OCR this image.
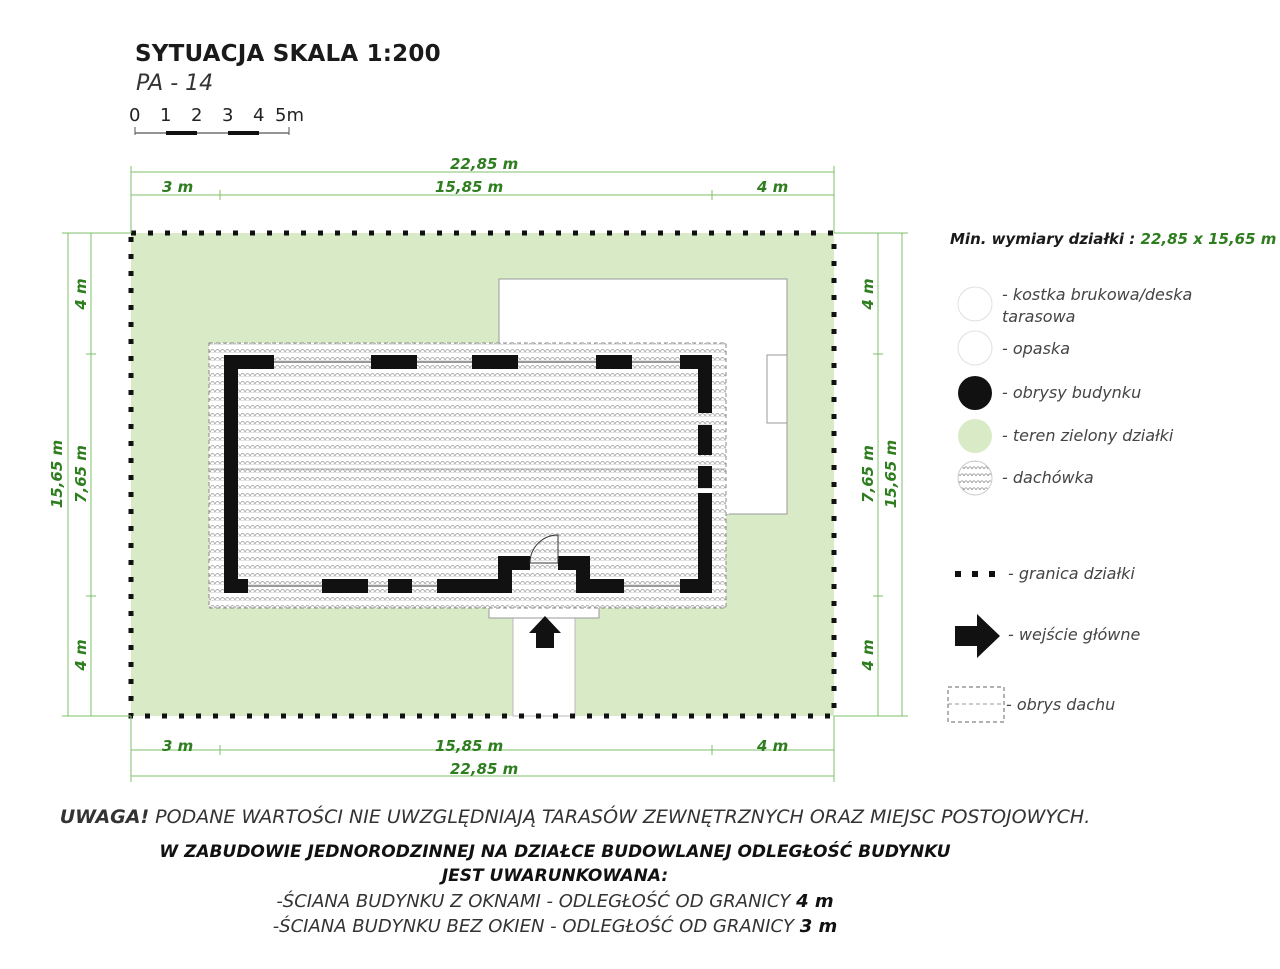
SYTUACJA SKALA 1:200
PA - 14
0 1 2 3 4 5m
22,85 m
3 m	15,85 m	4 m
3 m	15,85 m	4 m
22,85 m
15,65 m
4 m
7,65 m
4 m
4 m
7,65 m
4 m
15,65 m
Min. wymiary działki : 22,85 x 15,65 m
- kostka brukowa/deska
tarasowa
- opaska
- obrysy budynku
- teren zielony działki
- dachówka
- granica działki
- wejście główne
- obrys dachu
UWAGA! PODANE WARTOŚCI NIE UWZGLĘDNIAJĄ TARASÓW ZEWNĘTRZNYCH ORAZ MIEJSC POSTOJOWYCH.
W ZABUDOWIE JEDNORODZINNEJ NA DZIAŁCE BUDOWLANEJ ODLEGŁOŚĆ BUDYNKU
JEST UWARUNKOWANA:
-ŚCIANA BUDYNKU Z OKNAMI - ODLEGŁOŚĆ OD GRANICY 4 m
-ŚCIANA BUDYNKU BEZ OKIEN - ODLEGŁOŚĆ OD GRANICY 3 m
